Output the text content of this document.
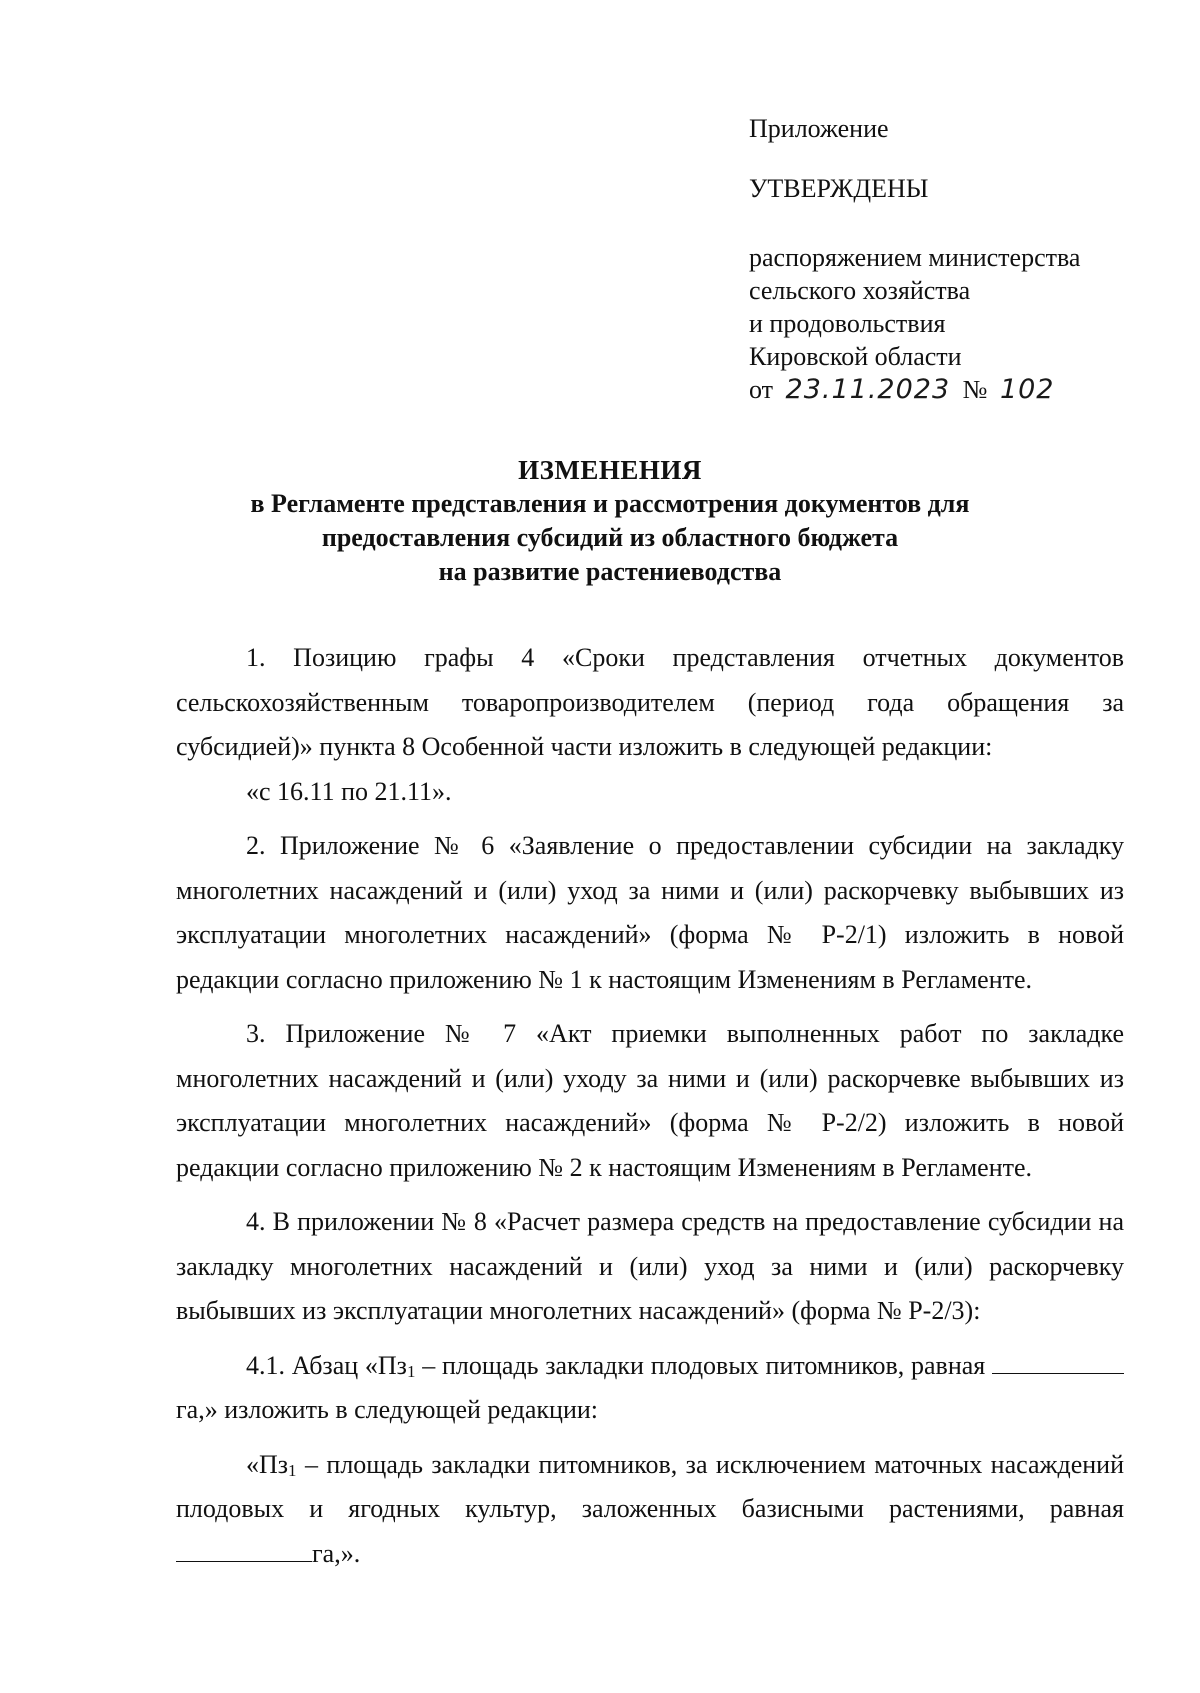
Приложение
УТВЕРЖДЕНЫ
распоряжением министерства
сельского хозяйства
и продовольствия
Кировской области
от 23.11.2023 № 102
ИЗМЕНЕНИЯ
в Регламенте представления и рассмотрения документов для
предоставления субсидий из областного бюджета
на развитие растениеводства

1. Позицию графы 4 «Сроки представления отчетных документов сельскохозяйственным товаропроизводителем (период года обращения за субсидией)» пункта 8 Особенной части изложить в следующей редакции:

«с 16.11 по 21.11».

2. Приложение № 6 «Заявление о предоставлении субсидии на закладку многолетних насаждений и (или) уход за ними и (или) раскорчевку выбывших из эксплуатации многолетних насаждений» (форма № Р-2/1) изложить в новой редакции согласно приложению № 1 к настоящим Изменениям в Регламенте.

3. Приложение № 7 «Акт приемки выполненных работ по закладке многолетних насаждений и (или) уходу за ними и (или) раскорчевке выбывших из эксплуатации многолетних насаждений» (форма № Р-2/2) изложить в новой редакции согласно приложению № 2 к настоящим Изменениям в Регламенте.

4. В приложении № 8 «Расчет размера средств на предоставление субсидии на закладку многолетних насаждений и (или) уход за ними и (или) раскорчевку выбывших из эксплуатации многолетних насаждений» (форма № Р-2/3):

4.1. Абзац «$Пз_1$ – площадь закладки плодовых питомников, равная га,» изложить в следующей редакции:

«$Пз_1$ – площадь закладки питомников, за исключением маточных насаждений плодовых и ягодных культур, заложенных базисными растениями, равная га,».
